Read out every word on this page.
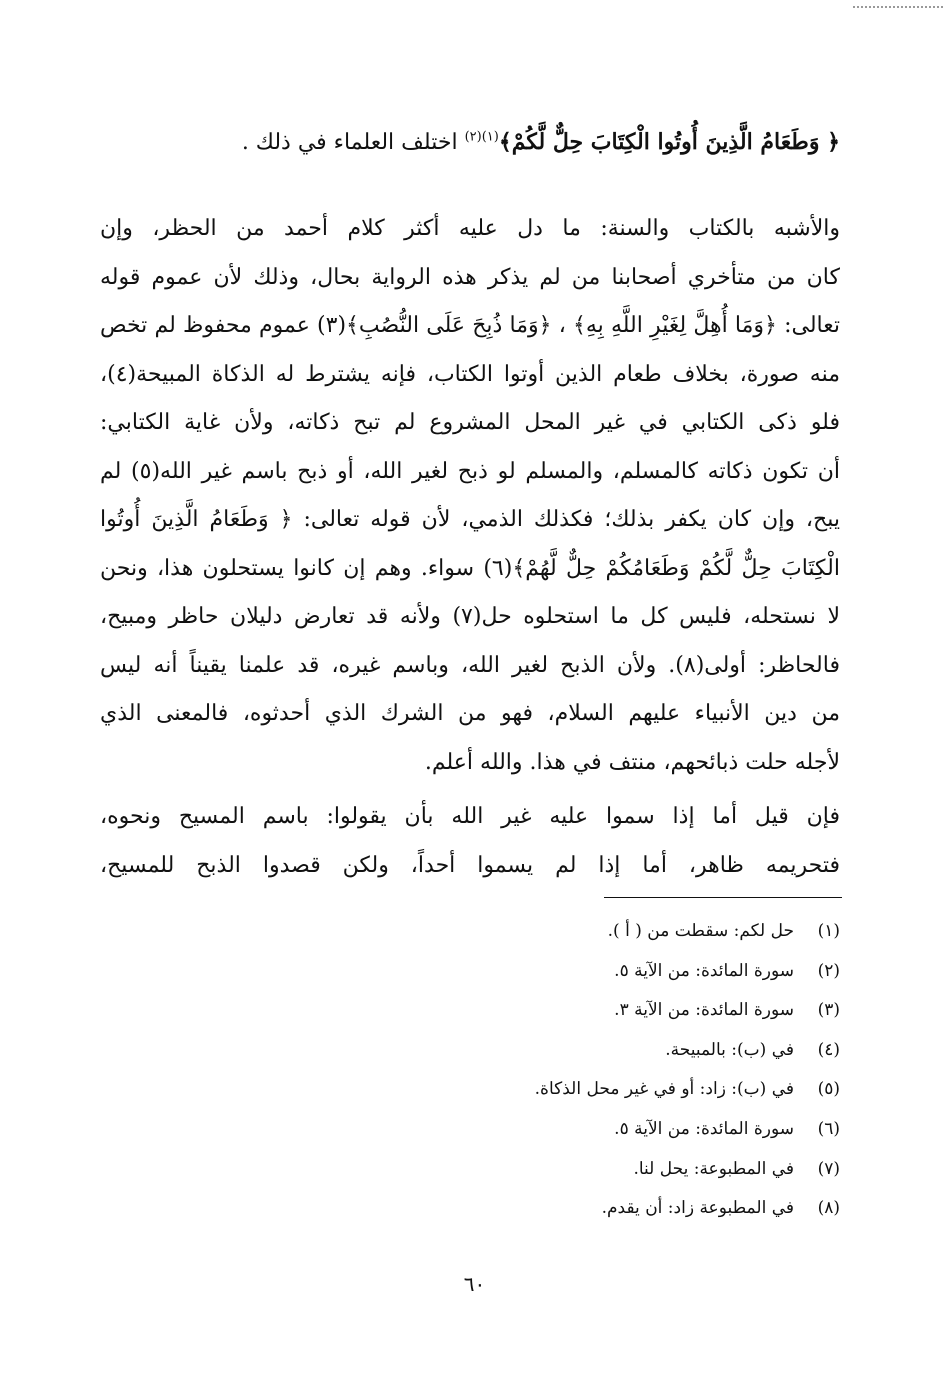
﴿ وَطَعَامُ الَّذِينَ أُوتُوا الْكِتَابَ حِلٌّ لَّكُمْ﴾$^{(١)(٢)}$ اختلف العلماء في ذلك .
والأشبه بالكتاب والسنة: ما دل عليه أكثر كلام أحمد من الحظر، وإن
كان من متأخري أصحابنا من لم يذكر هذه الرواية بحال، وذلك لأن عموم قوله
تعالى: ﴿وَمَا أُهِلَّ لِغَيْرِ اللَّهِ بِهِ﴾ ، ﴿وَمَا ذُبِحَ عَلَى النُّصُبِ﴾(٣) عموم محفوظ لم تخص
منه صورة، بخلاف طعام الذين أوتوا الكتاب، فإنه يشترط له الذكاة المبيحة(٤)،
فلو ذكى الكتابي في غير المحل المشروع لم تبح ذكاته، ولأن غاية الكتابي:
أن تكون ذكاته كالمسلم، والمسلم لو ذبح لغير الله، أو ذبح باسم غير الله(٥) لم
يبح، وإن كان يكفر بذلك؛ فكذلك الذمي، لأن قوله تعالى: ﴿ وَطَعَامُ الَّذِينَ أُوتُوا
الْكِتَابَ حِلٌّ لَّكُمْ وَطَعَامُكُمْ حِلٌّ لَّهُمْ﴾(٦) سواء. وهم إن كانوا يستحلون هذا، ونحن
لا نستحله، فليس كل ما استحلوه حل(٧) ولأنه قد تعارض دليلان حاظر ومبيح،
فالحاظر: أولى(٨). ولأن الذبح لغير الله، وباسم غيره، قد علمنا يقيناً أنه ليس
من دين الأنبياء عليهم السلام، فهو من الشرك الذي أحدثوه، فالمعنى الذي
لأجله حلت ذبائحهم، منتف في هذا. والله أعلم.
فإن قيل أما إذا سموا عليه غير الله بأن يقولوا: باسم المسيح ونحوه،
فتحريمه ظاهر، أما إذا لم يسموا أحداً، ولكن قصدوا الذبح للمسيح،
(١)حل لكم: سقطت من ( أ ).
(٢)سورة المائدة: من الآية ٥.
(٣)سورة المائدة: من الآية ٣.
(٤)في (ب): بالمبيحة.
(٥)في (ب): زاد: أو في غير محل الذكاة.
(٦)سورة المائدة: من الآية ٥.
(٧)في المطبوعة: يحل لنا.
(٨)في المطبوعة زاد: أن يقدم.
٦٠
